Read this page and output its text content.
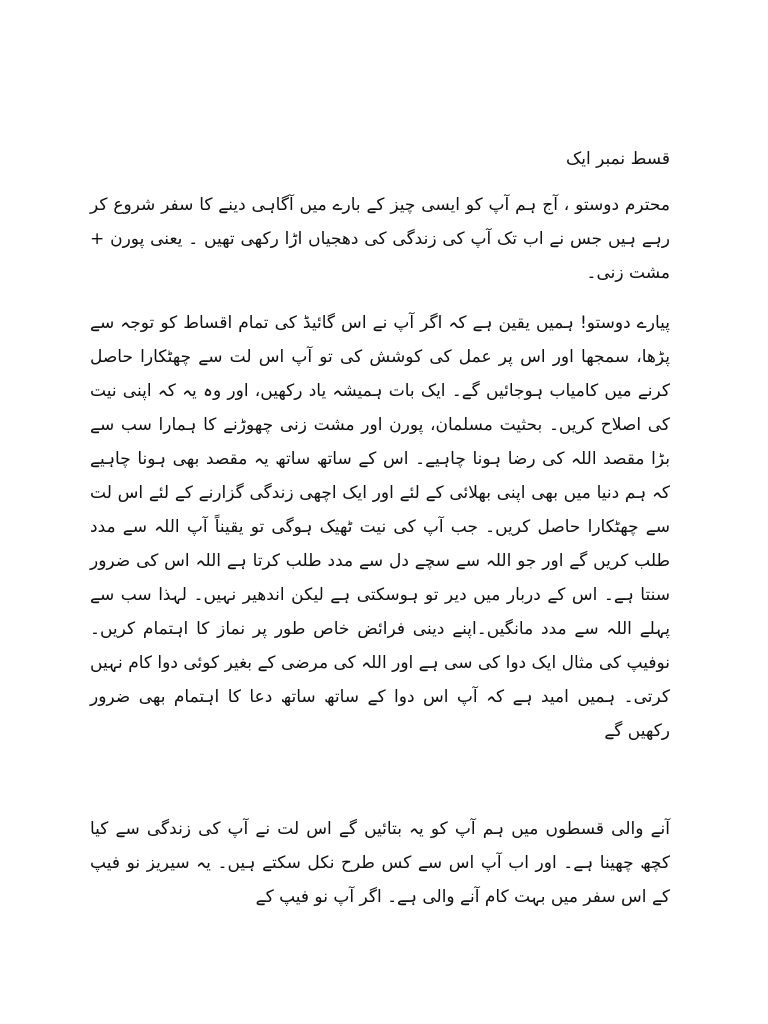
قسط نمبر ایک

محترم دوستو ، آج ہم آپ کو ایسی چیز کے بارے میں آگاہی دینے کا سفر شروع کر رہے ہیں جس نے اب تک آپ کی زندگی کی دھجیاں اڑا رکھی تھیں ۔ یعنی پورن + مشت زنی۔

پیارے دوستو! ہمیں یقین ہے کہ اگر آپ نے اس گائیڈ کی تمام اقساط کو توجہ سے پڑھا، سمجھا اور اس پر عمل کی کوشش کی تو آپ اس لت سے چھٹکارا حاصل کرنے میں کامیاب ہوجائیں گے۔ ایک بات ہمیشہ یاد رکھیں، اور وہ یہ کہ اپنی نیت کی اصلاح کریں۔ بحثیت مسلمان، پورن اور مشت زنی چھوڑنے کا ہمارا سب سے بڑا مقصد اللہ کی رضا ہونا چاہیے۔ اس کے ساتھ ساتھ یہ مقصد بھی ہونا چاہیے کہ ہم دنیا میں بھی اپنی بھلائی کے لئے اور ایک اچھی زندگی گزارنے کے لئے اس لت سے چھٹکارا حاصل کریں۔ جب آپ کی نیت ٹھیک ہوگی تو یقیناً آپ اللہ سے مدد طلب کریں گے اور جو اللہ سے سچے دل سے مدد طلب کرتا ہے اللہ اس کی ضرور سنتا ہے۔ اس کے دربار میں دیر تو ہوسکتی ہے لیکن اندھیر نہیں۔ لہذا سب سے پہلے اللہ سے مدد مانگیں۔اپنے دینی فرائض خاص طور پر نماز کا اہتمام کریں۔ نوفیپ کی مثال ایک دوا کی سی ہے اور اللہ کی مرضی کے بغیر کوئی دوا کام نہیں کرتی۔ ہمیں امید ہے کہ آپ اس دوا کے ساتھ ساتھ دعا کا اہتمام بھی ضرور رکھیں گے

آنے والی قسطوں میں ہم آپ کو یہ بتائیں گے اس لت نے آپ کی زندگی سے کیا کچھ چھینا ہے۔ اور اب آپ اس سے کس طرح نکل سکتے ہیں۔ یہ سیریز نو فیپ کے اس سفر میں بہت کام آنے والی ہے۔ اگر آپ نو فیپ کے
